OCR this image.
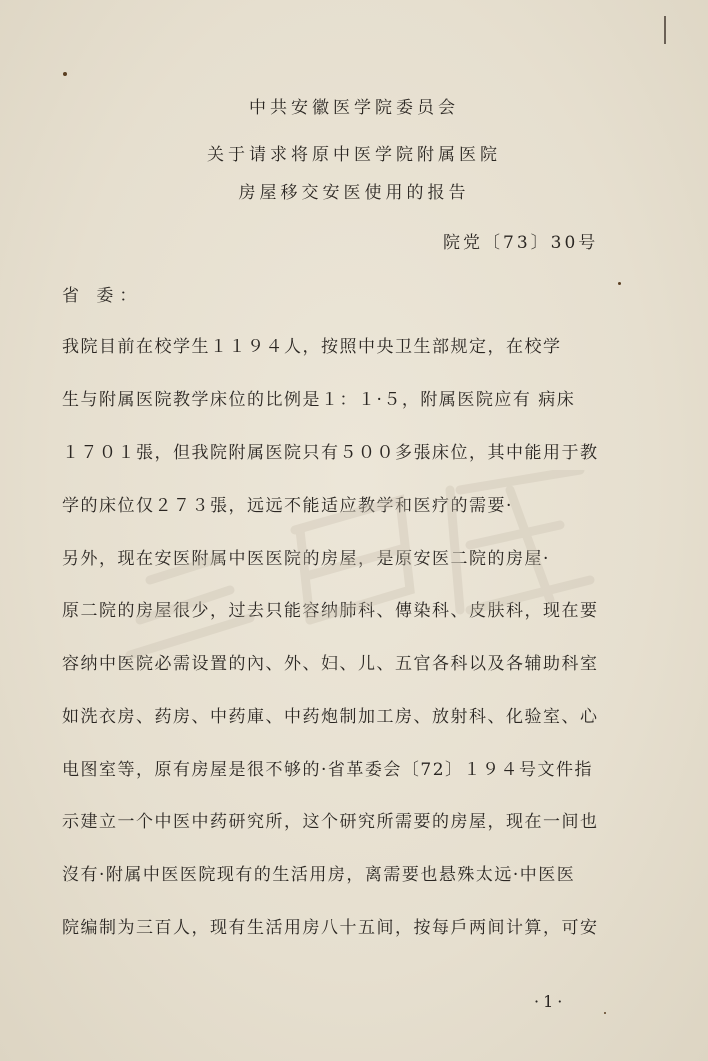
中共安徽医学院委员会
关于请求将原中医学院附属医院
房屋移交安医使用的报告
院党〔73〕30号
省 委：
我院目前在校学生１１９４人，按照中央卫生部规定，在校学
生与附属医院教学床位的比例是１：１·５，附属医院应有 病床
１７０１張，但我院附属医院只有５００多張床位，其中能用于教
学的床位仅２７３張，远远不能适应教学和医疗的需要·
另外，现在安医附属中医医院的房屋，是原安医二院的房屋·
原二院的房屋很少，过去只能容纳肺科、傳染科、皮肤科，现在要
容纳中医院必需设置的內、外、妇、儿、五官各科以及各辅助科室
如洗衣房、药房、中药庫、中药炮制加工房、放射科、化验室、心
电图室等，原有房屋是很不够的·省革委会〔72〕１９４号文件指
示建立一个中医中药研究所，这个研究所需要的房屋，现在一间也
沒有·附属中医医院现有的生活用房，离需要也悬殊太远·中医医
院编制为三百人，现有生活用房八十五间，按每戶两间计算，可安
·1·
